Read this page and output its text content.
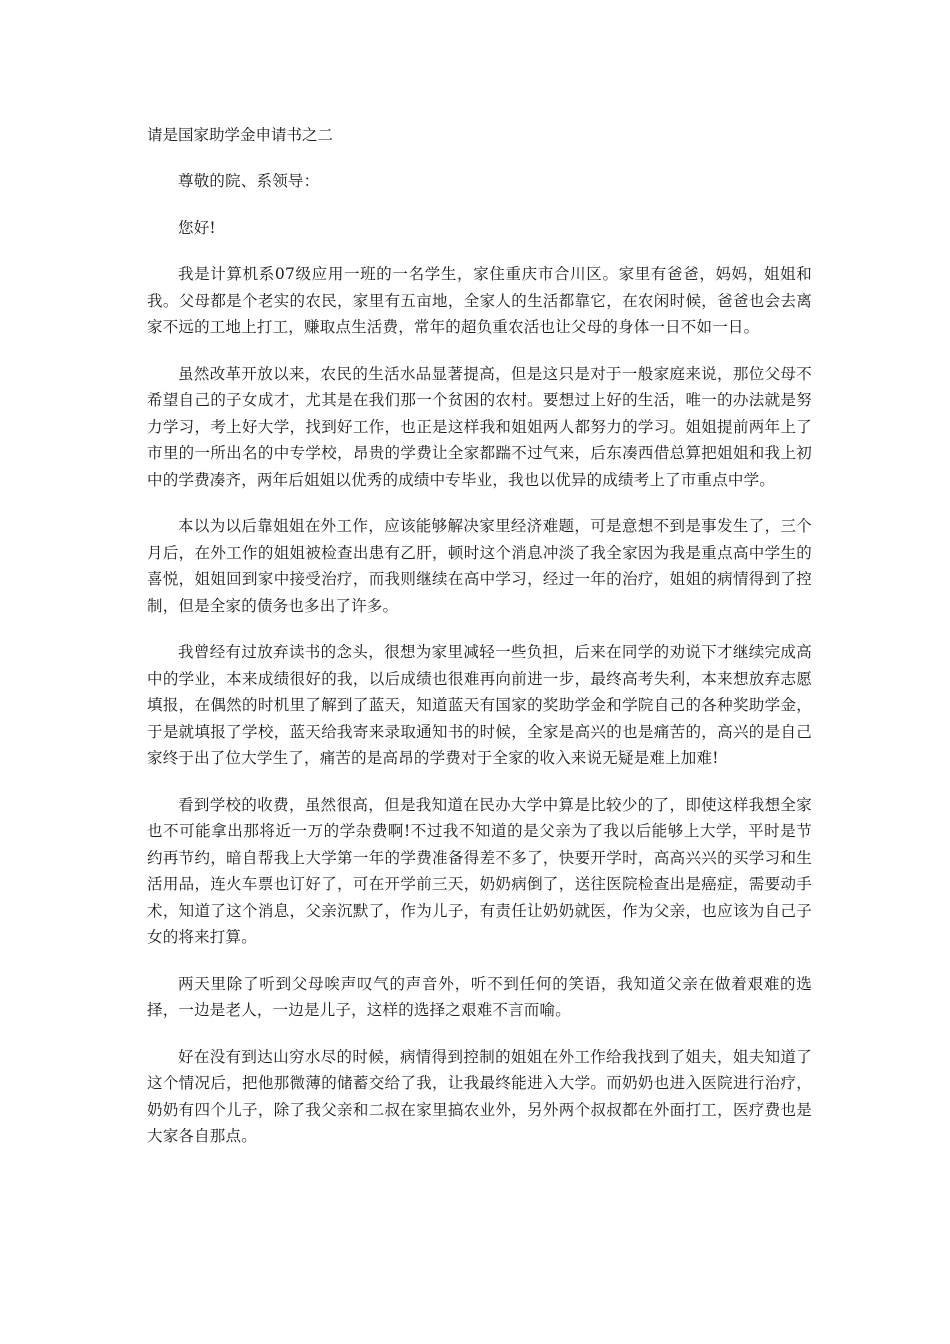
请是国家助学金申请书之二

尊敬的院、系领导：

您好!

我是计算机系07级应用一班的一名学生，家住重庆市合川区。家里有爸爸，妈妈，姐姐和我。父母都是个老实的农民，家里有五亩地，全家人的生活都靠它，在农闲时候，爸爸也会去离家不远的工地上打工，赚取点生活费，常年的超负重农活也让父母的身体一日不如一日。

虽然改革开放以来，农民的生活水品显著提高，但是这只是对于一般家庭来说，那位父母不希望自己的子女成才，尤其是在我们那一个贫困的农村。要想过上好的生活，唯一的办法就是努力学习，考上好大学，找到好工作，也正是这样我和姐姐两人都努力的学习。姐姐提前两年上了市里的一所出名的中专学校，昂贵的学费让全家都踹不过气来，后东凑西借总算把姐姐和我上初中的学费凑齐，两年后姐姐以优秀的成绩中专毕业，我也以优异的成绩考上了市重点中学。

本以为以后靠姐姐在外工作，应该能够解决家里经济难题，可是意想不到是事发生了，三个月后，在外工作的姐姐被检查出患有乙肝，顿时这个消息冲淡了我全家因为我是重点高中学生的喜悦，姐姐回到家中接受治疗，而我则继续在高中学习，经过一年的治疗，姐姐的病情得到了控制，但是全家的债务也多出了许多。

我曾经有过放弃读书的念头，很想为家里减轻一些负担，后来在同学的劝说下才继续完成高中的学业，本来成绩很好的我，以后成绩也很难再向前进一步，最终高考失利，本来想放弃志愿填报，在偶然的时机里了解到了蓝天，知道蓝天有国家的奖助学金和学院自己的各种奖助学金，于是就填报了学校，蓝天给我寄来录取通知书的时候，全家是高兴的也是痛苦的，高兴的是自己家终于出了位大学生了，痛苦的是高昂的学费对于全家的收入来说无疑是难上加难!

看到学校的收费，虽然很高，但是我知道在民办大学中算是比较少的了，即使这样我想全家也不可能拿出那将近一万的学杂费啊!不过我不知道的是父亲为了我以后能够上大学，平时是节约再节约，暗自帮我上大学第一年的学费准备得差不多了，快要开学时，高高兴兴的买学习和生活用品，连火车票也订好了，可在开学前三天，奶奶病倒了，送往医院检查出是癌症，需要动手术，知道了这个消息，父亲沉默了，作为儿子，有责任让奶奶就医，作为父亲，也应该为自己子女的将来打算。

两天里除了听到父母唉声叹气的声音外，听不到任何的笑语，我知道父亲在做着艰难的选择，一边是老人，一边是儿子，这样的选择之艰难不言而喻。

好在没有到达山穷水尽的时候，病情得到控制的姐姐在外工作给我找到了姐夫，姐夫知道了这个情况后，把他那微薄的储蓄交给了我，让我最终能进入大学。而奶奶也进入医院进行治疗，奶奶有四个儿子，除了我父亲和二叔在家里搞农业外，另外两个叔叔都在外面打工，医疗费也是大家各自那点。
